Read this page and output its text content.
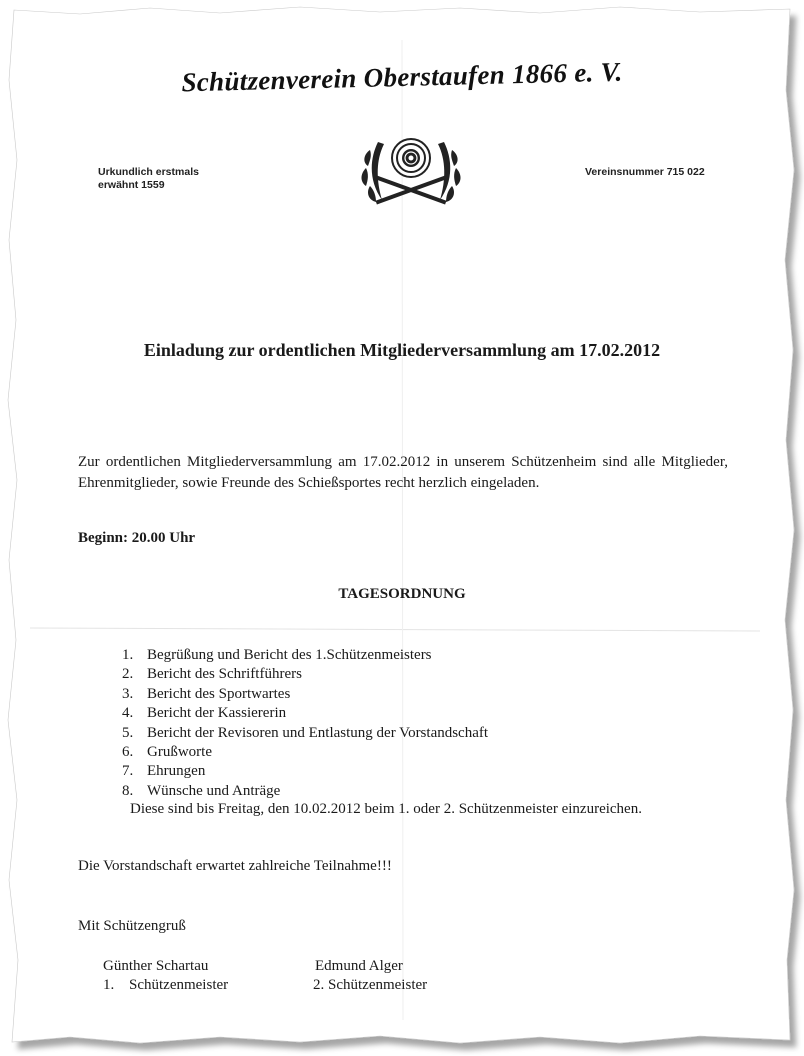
Schützenverein Oberstaufen 1866 e. V.
Urkundlich erstmals
erwähnt 1559
Vereinsnummer 715 022
Einladung zur ordentlichen Mitgliederversammlung am 17.02.2012
Zur ordentlichen Mitgliederversammlung am 17.02.2012 in unserem Schützenheim sind alle Mitglieder, Ehrenmitglieder, sowie Freunde des Schießsportes recht herzlich eingeladen.
Beginn: 20.00 Uhr
TAGESORDNUNG
1. Begrüßung und Bericht des 1.Schützenmeisters
2. Bericht des Schriftführers
3. Bericht des Sportwartes
4. Bericht der Kassiererin
5. Bericht der Revisoren und Entlastung der Vorstandschaft
6. Grußworte
7. Ehrungen
8. Wünsche und Anträge
Diese sind bis Freitag, den 10.02.2012 beim 1. oder 2. Schützenmeister einzureichen.
Die Vorstandschaft erwartet zahlreiche Teilnahme!!!
Mit Schützengruß
Günther Schartau
1. Schützenmeister
Edmund Alger
2. Schützenmeister
